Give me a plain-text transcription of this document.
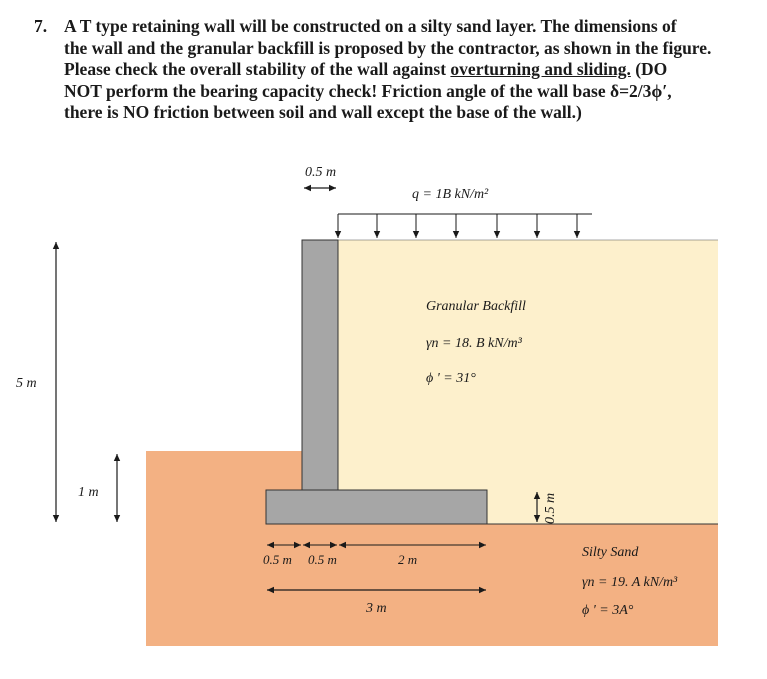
7. A T type retaining wall will be constructed on a silty sand layer. The dimensions of
the wall and the granular backfill is proposed by the contractor, as shown in the figure.
Please check the overall stability of the wall against overturning and sliding. (DO
NOT perform the bearing capacity check! Friction angle of the wall base δ=2/3ϕ′,
there is NO friction between soil and wall except the base of the wall.)
0.5 m
q = 1B kN/m²
Granular Backfill
γn = 18. B kN/m³
ϕ ' = 31°
5 m
1 m
0.5 m
0.5 m 0.5 m	2 m
3 m
Silty Sand
γn = 19. A kN/m³
ϕ ' = 3A°
